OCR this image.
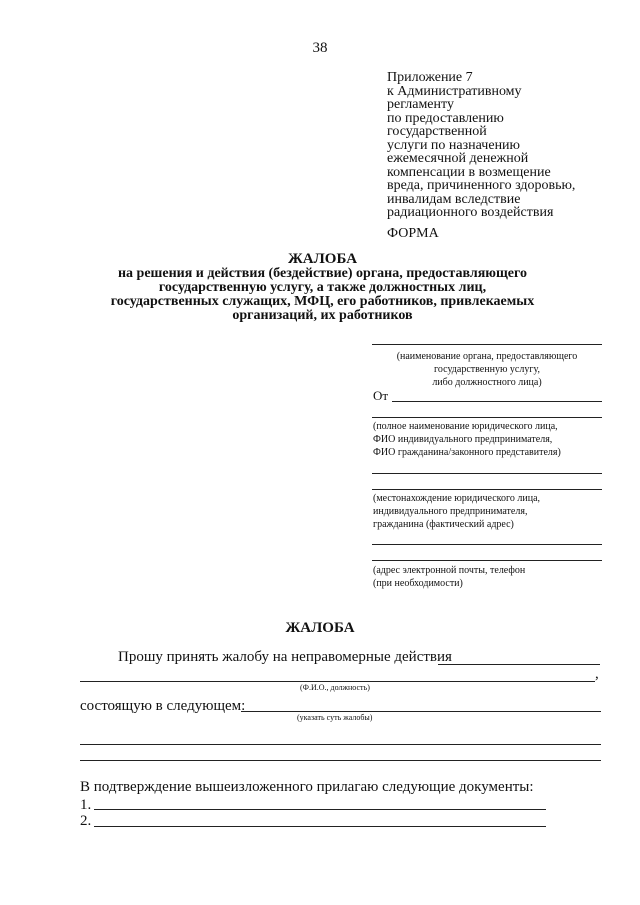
38
Приложение 7
к Административному
регламенту
по предоставлению
государственной
услуги по назначению
ежемесячной денежной
компенсации в возмещение
вреда, причиненного здоровью,
инвалидам вследствие
радиационного воздействия
ФОРМА
ЖАЛОБА
на решения и действия (бездействие) органа, предоставляющего
государственную услугу, а также должностных лиц,
государственных служащих, МФЦ, его работников, привлекаемых
организаций, их работников
(наименование органа, предоставляющего
государственную услугу,
либо должностного лица)
От
(полное наименование юридического лица,
ФИО индивидуального предпринимателя,
ФИО гражданина/законного представителя)
(местонахождение юридического лица,
индивидуального предпринимателя,
гражданина (фактический адрес)
(адрес электронной почты, телефон
(при необходимости)
ЖАЛОБА
Прошу принять жалобу на неправомерные действия
,
(Ф.И.О., должность)
состоящую в следующем:
(указать суть жалобы)
В подтверждение вышеизложенного прилагаю следующие документы:
1.
2.
